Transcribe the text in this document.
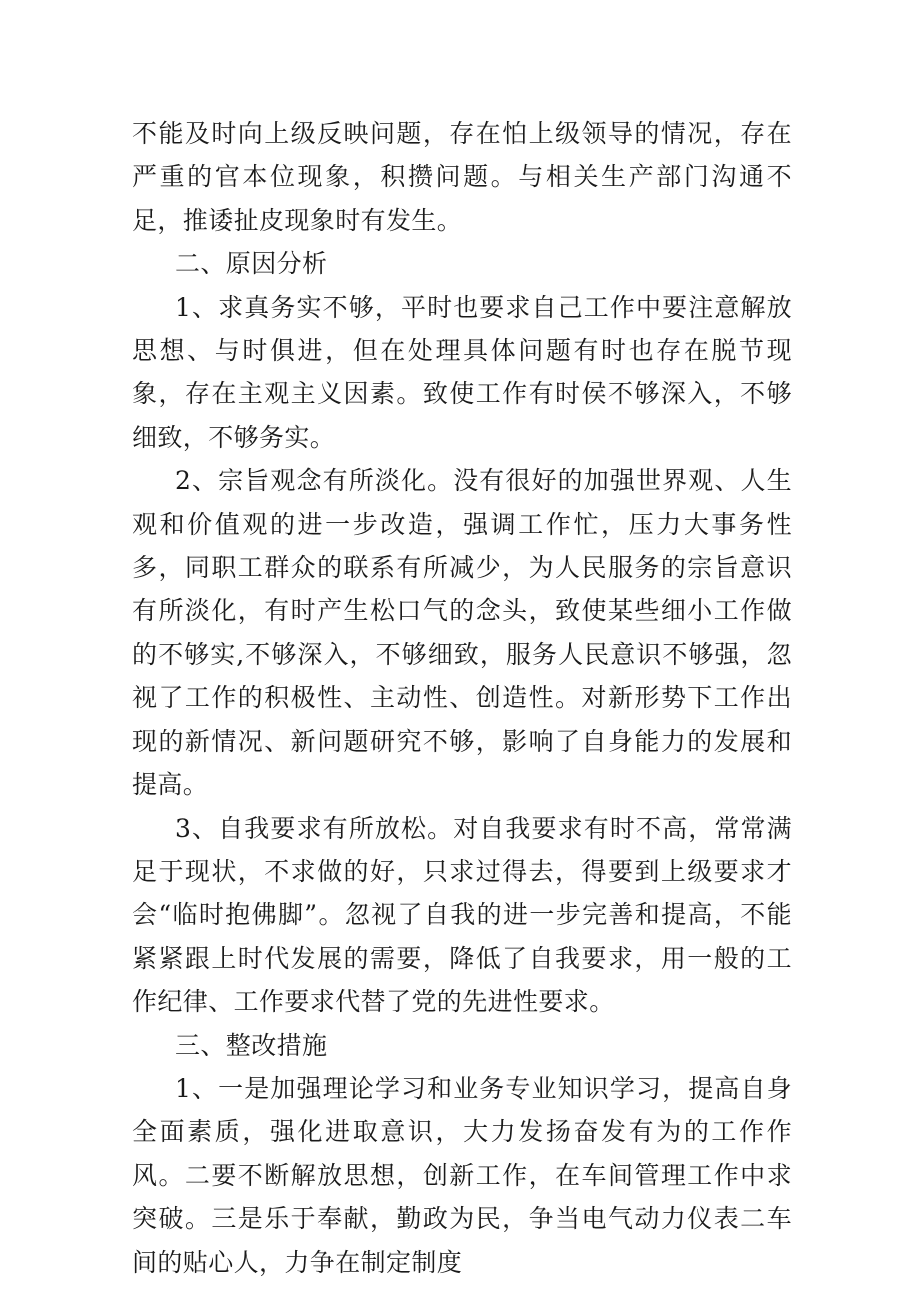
不能及时向上级反映问题，存在怕上级领导的情况，存在严重的官本位现象，积攒问题。与相关生产部门沟通不足，推诿扯皮现象时有发生。

二、原因分析

1、求真务实不够，平时也要求自己工作中要注意解放思想、与时俱进，但在处理具体问题有时也存在脱节现象，存在主观主义因素。致使工作有时侯不够深入，不够细致，不够务实。

2、宗旨观念有所淡化。没有很好的加强世界观、人生观和价值观的进一步改造，强调工作忙，压力大事务性多，同职工群众的联系有所减少，为人民服务的宗旨意识有所淡化，有时产生松口气的念头，致使某些细小工作做的不够实,不够深入，不够细致，服务人民意识不够强，忽视了工作的积极性、主动性、创造性。对新形势下工作出现的新情况、新问题研究不够，影响了自身能力的发展和提高。

3、自我要求有所放松。对自我要求有时不高，常常满足于现状，不求做的好，只求过得去，得要到上级要求才会“临时抱佛脚”。忽视了自我的进一步完善和提高，不能紧紧跟上时代发展的需要，降低了自我要求，用一般的工作纪律、工作要求代替了党的先进性要求。

三、整改措施

1、一是加强理论学习和业务专业知识学习，提高自身全面素质，强化进取意识，大力发扬奋发有为的工作作风。二要不断解放思想，创新工作，在车间管理工作中求突破。三是乐于奉献，勤政为民，争当电气动力仪表二车间的贴心人，力争在制定制度
